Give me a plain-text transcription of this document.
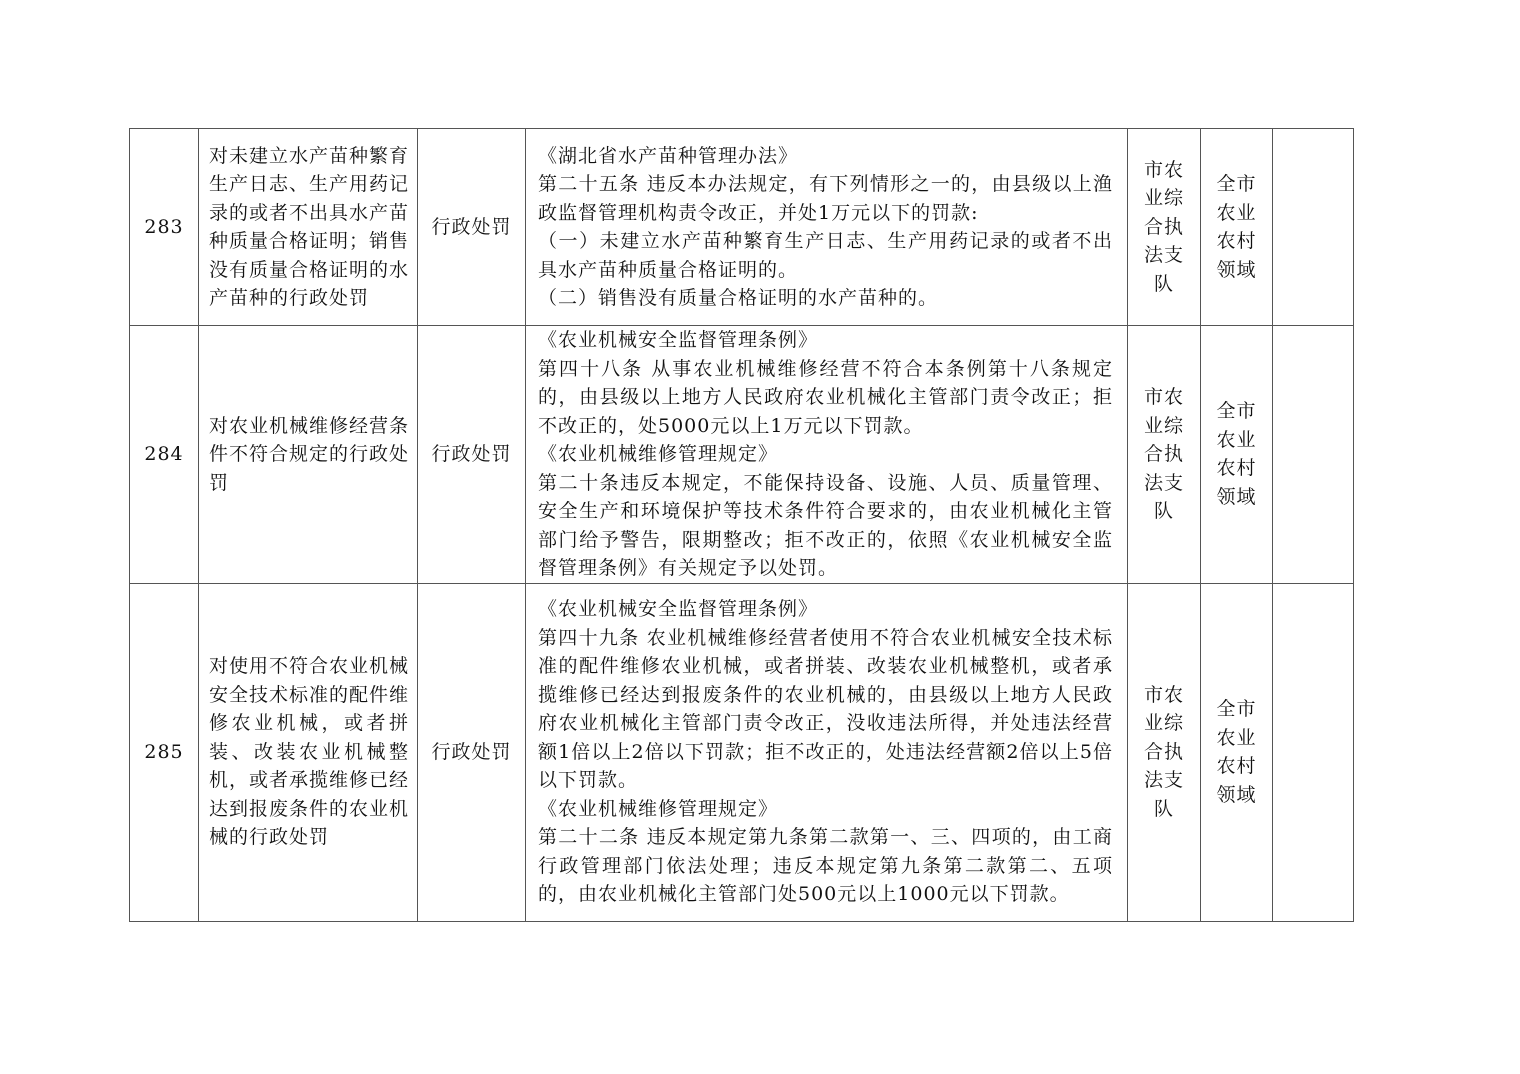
283	对未建立水产苗种繁育生产日志、生产用药记录的或者不出具水产苗种质量合格证明；销售没有质量合格证明的水产苗种的行政处罚	行政处罚	《湖北省水产苗种管理办法》
第二十五条 违反本办法规定，有下列情形之一的，由县级以上渔政监督管理机构责令改正，并处1万元以下的罚款:
（一）未建立水产苗种繁育生产日志、生产用药记录的或者不出具水产苗种质量合格证明的。
（二）销售没有质量合格证明的水产苗种的。	市农业综合执法支队	全市农业农村领域	
284	对农业机械维修经营条件不符合规定的行政处罚	行政处罚	《农业机械安全监督管理条例》
第四十八条 从事农业机械维修经营不符合本条例第十八条规定的，由县级以上地方人民政府农业机械化主管部门责令改正；拒不改正的，处5000元以上1万元以下罚款。
《农业机械维修管理规定》
第二十条违反本规定，不能保持设备、设施、人员、质量管理、安全生产和环境保护等技术条件符合要求的，由农业机械化主管部门给予警告，限期整改；拒不改正的，依照《农业机械安全监督管理条例》有关规定予以处罚。	市农业综合执法支队	全市农业农村领域	
285	对使用不符合农业机械安全技术标准的配件维修农业机械，或者拼装、改装农业机械整机，或者承揽维修已经达到报废条件的农业机械的行政处罚	行政处罚	《农业机械安全监督管理条例》
第四十九条 农业机械维修经营者使用不符合农业机械安全技术标准的配件维修农业机械，或者拼装、改装农业机械整机，或者承揽维修已经达到报废条件的农业机械的，由县级以上地方人民政府农业机械化主管部门责令改正，没收违法所得，并处违法经营额1倍以上2倍以下罚款；拒不改正的，处违法经营额2倍以上5倍以下罚款。
《农业机械维修管理规定》
第二十二条 违反本规定第九条第二款第一、三、四项的，由工商行政管理部门依法处理；违反本规定第九条第二款第二、五项的，由农业机械化主管部门处500元以上1000元以下罚款。	市农业综合执法支队	全市农业农村领域	
